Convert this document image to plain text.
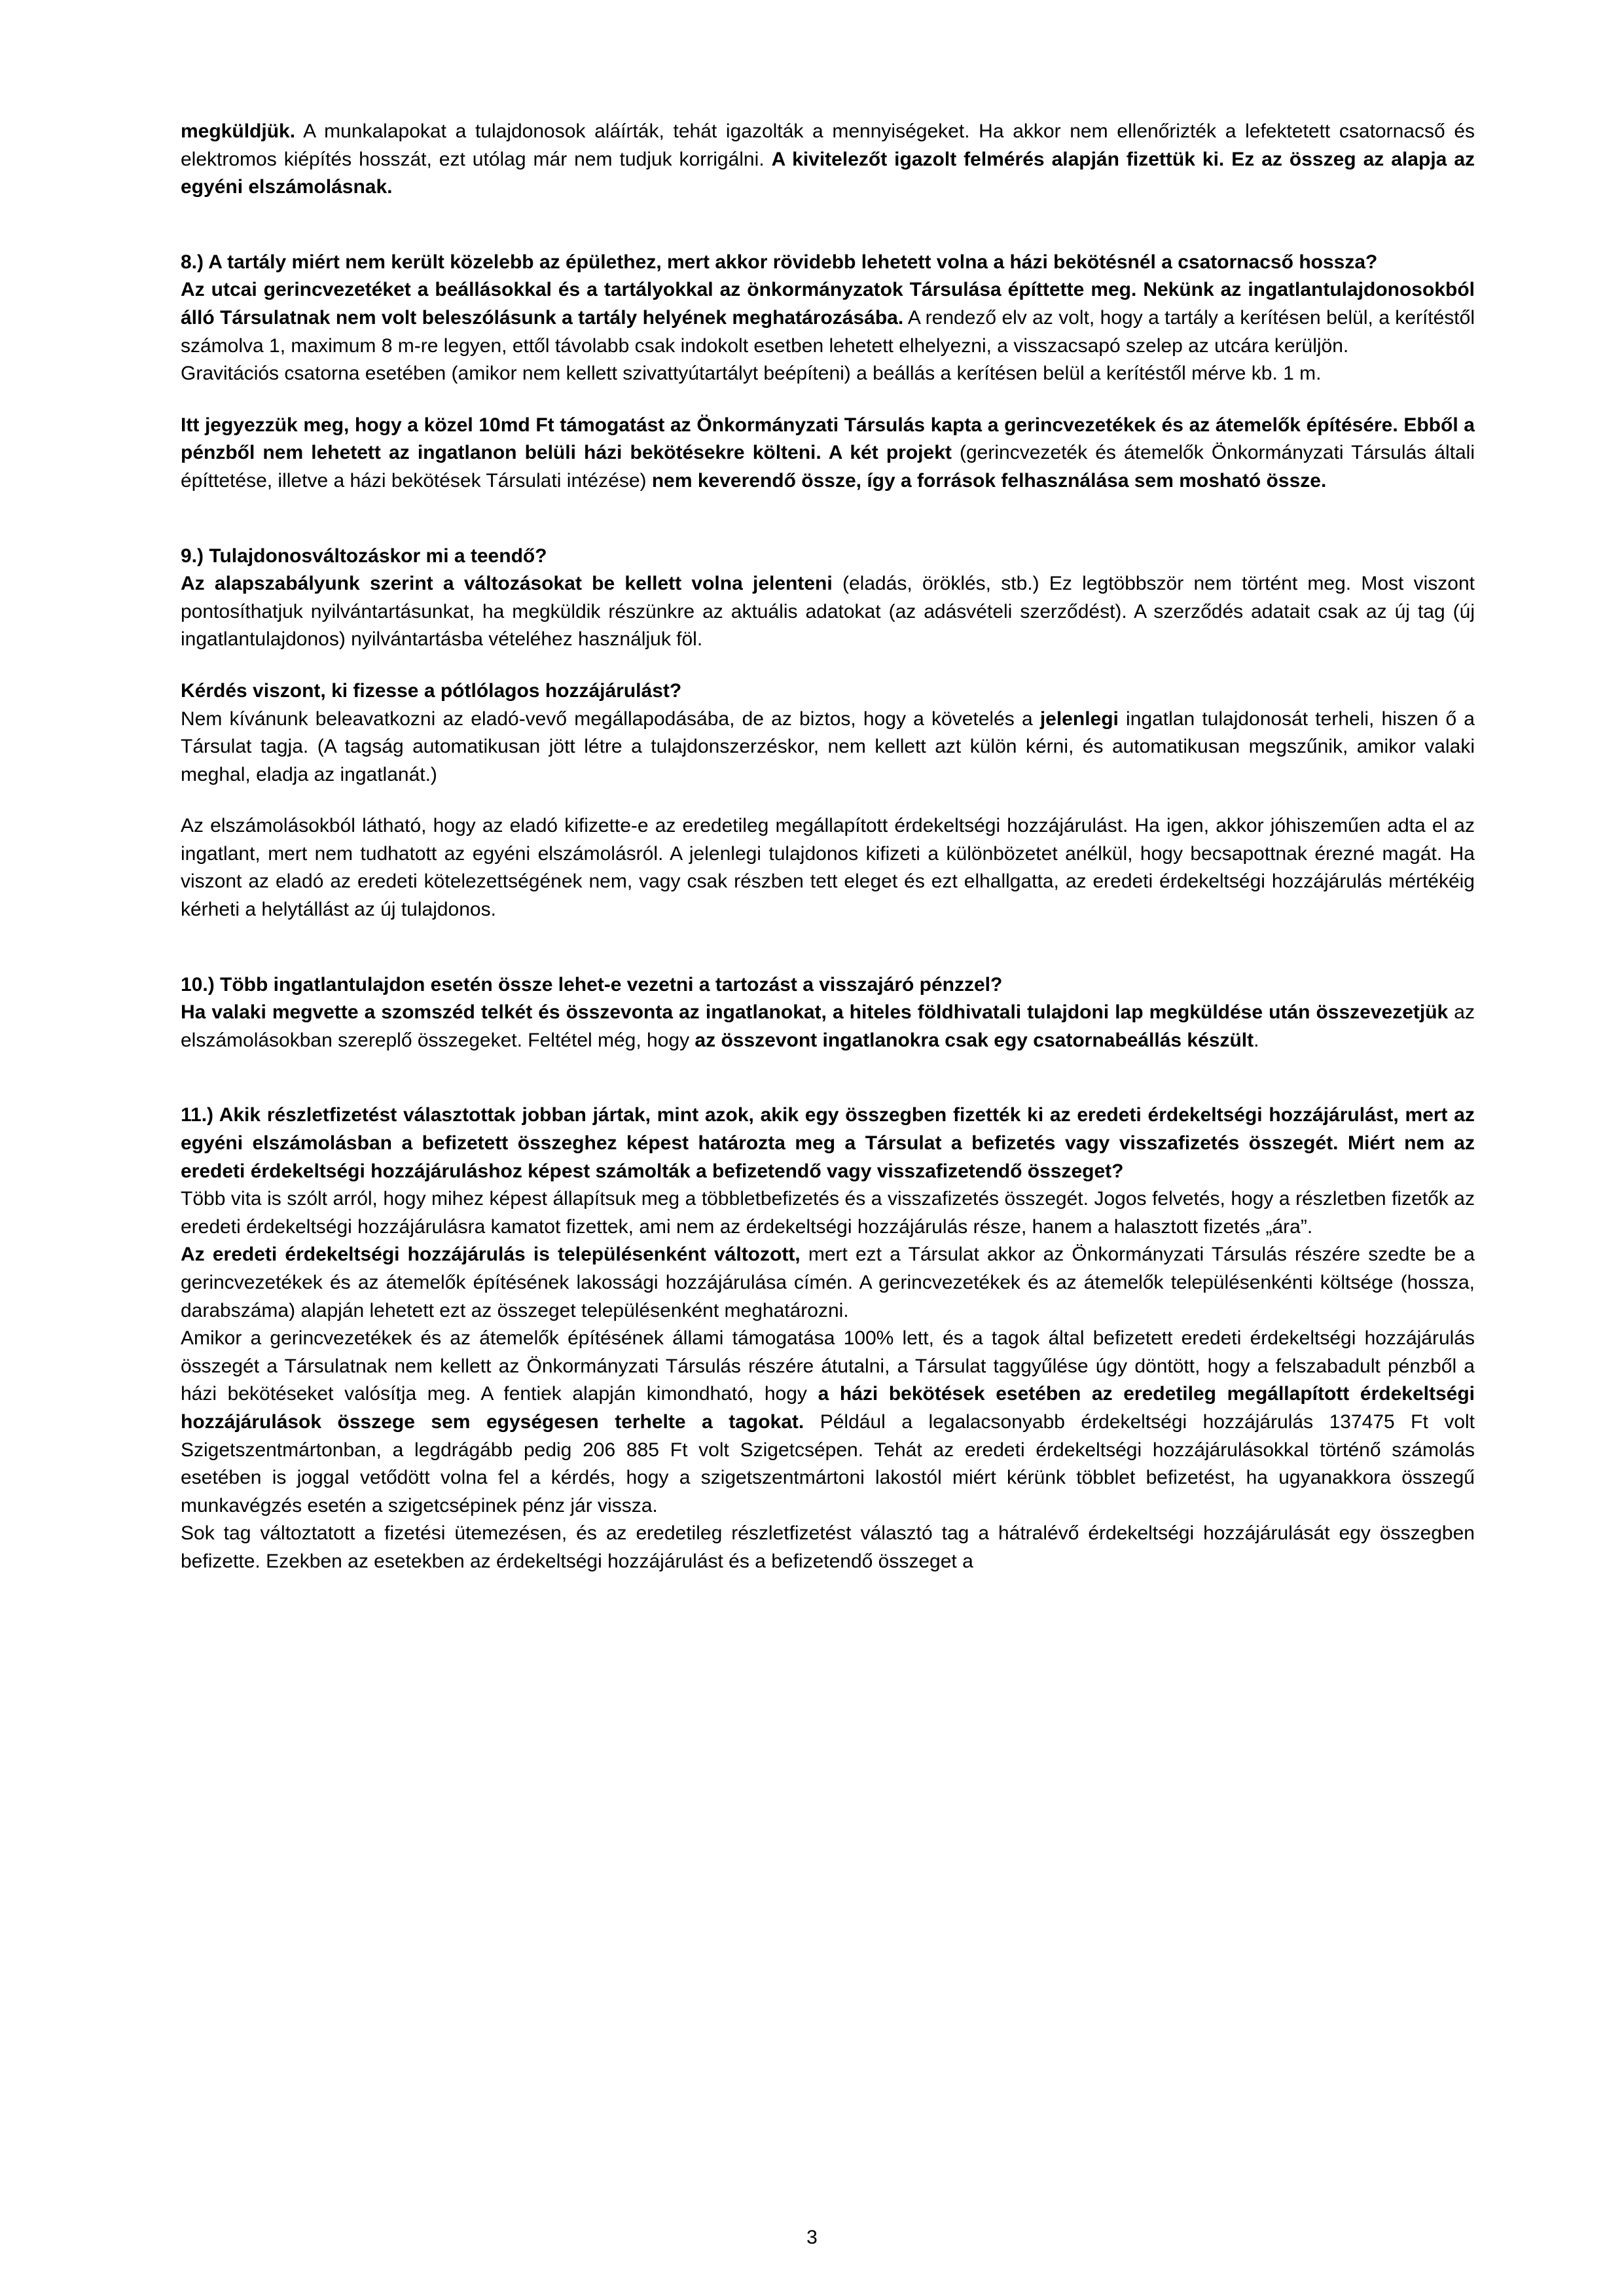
megküldjük. A munkalapokat a tulajdonosok aláírták, tehát igazolták a mennyiségeket. Ha akkor nem ellenőrizték a lefektetett csatornacső és elektromos kiépítés hosszát, ezt utólag már nem tudjuk korrigálni. A kivitelezőt igazolt felmérés alapján fizettük ki. Ez az összeg az alapja az egyéni elszámolásnak.

8.) A tartály miért nem került közelebb az épülethez, mert akkor rövidebb lehetett volna a házi bekötésnél a csatornacső hossza?

Az utcai gerincvezetéket a beállásokkal és a tartályokkal az önkormányzatok Társulása építtette meg. Nekünk az ingatlantulajdonosokból álló Társulatnak nem volt beleszólásunk a tartály helyének meghatározásába. A rendező elv az volt, hogy a tartály a kerítésen belül, a kerítéstől számolva 1, maximum 8 m-re legyen, ettől távolabb csak indokolt esetben lehetett elhelyezni, a visszacsapó szelep az utcára kerüljön.

Gravitációs csatorna esetében (amikor nem kellett szivattyútartályt beépíteni) a beállás a kerítésen belül a kerítéstől mérve kb. 1 m.

Itt jegyezzük meg, hogy a közel 10md Ft támogatást az Önkormányzati Társulás kapta a gerincvezetékek és az átemelők építésére. Ebből a pénzből nem lehetett az ingatlanon belüli házi bekötésekre költeni. A két projekt (gerincvezeték és átemelők Önkormányzati Társulás általi építtetése, illetve a házi bekötések Társulati intézése) nem keverendő össze, így a források felhasználása sem mosható össze.

9.) Tulajdonosváltozáskor mi a teendő?

Az alapszabályunk szerint a változásokat be kellett volna jelenteni (eladás, öröklés, stb.) Ez legtöbbször nem történt meg. Most viszont pontosíthatjuk nyilvántartásunkat, ha megküldik részünkre az aktuális adatokat (az adásvételi szerződést). A szerződés adatait csak az új tag (új ingatlantulajdonos) nyilvántartásba vételéhez használjuk föl.

Kérdés viszont, ki fizesse a pótlólagos hozzájárulást?

Nem kívánunk beleavatkozni az eladó-vevő megállapodásába, de az biztos, hogy a követelés a jelenlegi ingatlan tulajdonosát terheli, hiszen ő a Társulat tagja. (A tagság automatikusan jött létre a tulajdonszerzéskor, nem kellett azt külön kérni, és automatikusan megszűnik, amikor valaki meghal, eladja az ingatlanát.)

Az elszámolásokból látható, hogy az eladó kifizette-e az eredetileg megállapított érdekeltségi hozzájárulást. Ha igen, akkor jóhiszeműen adta el az ingatlant, mert nem tudhatott az egyéni elszámolásról. A jelenlegi tulajdonos kifizeti a különbözetet anélkül, hogy becsapottnak érezné magát. Ha viszont az eladó az eredeti kötelezettségének nem, vagy csak részben tett eleget és ezt elhallgatta, az eredeti érdekeltségi hozzájárulás mértékéig kérheti a helytállást az új tulajdonos.

10.) Több ingatlantulajdon esetén össze lehet-e vezetni a tartozást a visszajáró pénzzel?

Ha valaki megvette a szomszéd telkét és összevonta az ingatlanokat, a hiteles földhivatali tulajdoni lap megküldése után összevezetjük az elszámolásokban szereplő összegeket. Feltétel még, hogy az összevont ingatlanokra csak egy csatornabeállás készült.

11.) Akik részletfizetést választottak jobban jártak, mint azok, akik egy összegben fizették ki az eredeti érdekeltségi hozzájárulást, mert az egyéni elszámolásban a befizetett összeghez képest határozta meg a Társulat a befizetés vagy visszafizetés összegét. Miért nem az eredeti érdekeltségi hozzájáruláshoz képest számolták a befizetendő vagy visszafizetendő összeget?

Több vita is szólt arról, hogy mihez képest állapítsuk meg a többletbefizetés és a visszafizetés összegét. Jogos felvetés, hogy a részletben fizetők az eredeti érdekeltségi hozzájárulásra kamatot fizettek, ami nem az érdekeltségi hozzájárulás része, hanem a halasztott fizetés „ára”.

Az eredeti érdekeltségi hozzájárulás is településenként változott, mert ezt a Társulat akkor az Önkormányzati Társulás részére szedte be a gerincvezetékek és az átemelők építésének lakossági hozzájárulása címén. A gerincvezetékek és az átemelők településenkénti költsége (hossza, darabszáma) alapján lehetett ezt az összeget településenként meghatározni.

Amikor a gerincvezetékek és az átemelők építésének állami támogatása 100% lett, és a tagok által befizetett eredeti érdekeltségi hozzájárulás összegét a Társulatnak nem kellett az Önkormányzati Társulás részére átutalni, a Társulat taggyűlése úgy döntött, hogy a felszabadult pénzből a házi bekötéseket valósítja meg. A fentiek alapján kimondható, hogy a házi bekötések esetében az eredetileg megállapított érdekeltségi hozzájárulások összege sem egységesen terhelte a tagokat. Például a legalacsonyabb érdekeltségi hozzájárulás 137475 Ft volt Szigetszentmártonban, a legdrágább pedig 206 885 Ft volt Szigetcsépen. Tehát az eredeti érdekeltségi hozzájárulásokkal történő számolás esetében is joggal vetődött volna fel a kérdés, hogy a szigetszentmártoni lakostól miért kérünk többlet befizetést, ha ugyanakkora összegű munkavégzés esetén a szigetcsépinek pénz jár vissza.

Sok tag változtatott a fizetési ütemezésen, és az eredetileg részletfizetést választó tag a hátralévő érdekeltségi hozzájárulását egy összegben befizette. Ezekben az esetekben az érdekeltségi hozzájárulást és a befizetendő összeget a

3
